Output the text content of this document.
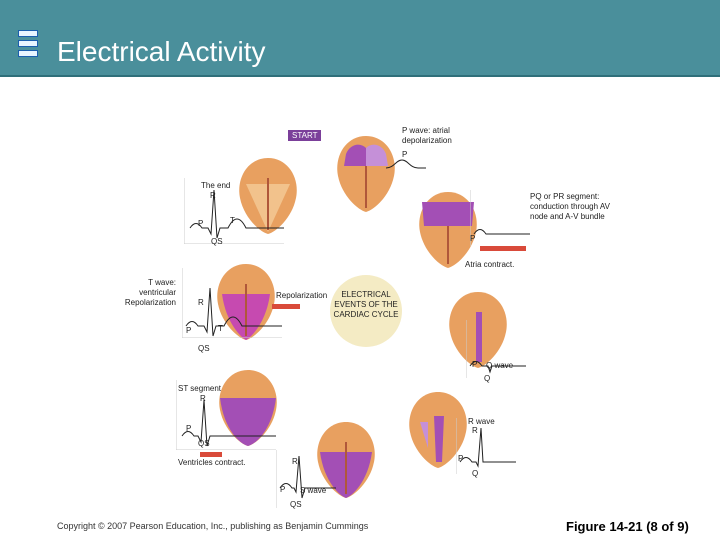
Electrical Activity
ELECTRICAL EVENTS OF THE CARDIAC CYCLE
START
P wave: atrial depolarization
P
The end
R
P	T
QS
PQ or PR segment: conduction through AV node and A-V bundle
P
Atria contract.
T wave: ventricular Repolarization	R
P	T
QS
Repolarization
P Q wave
Q
ST segment
R
P
QS
Ventricles contract.
R wave
R
P
Q
R
P S wave
QS
Copyright © 2007 Pearson Education, Inc., publishing as Benjamin Cummings	Figure 14-21 (8 of 9)
